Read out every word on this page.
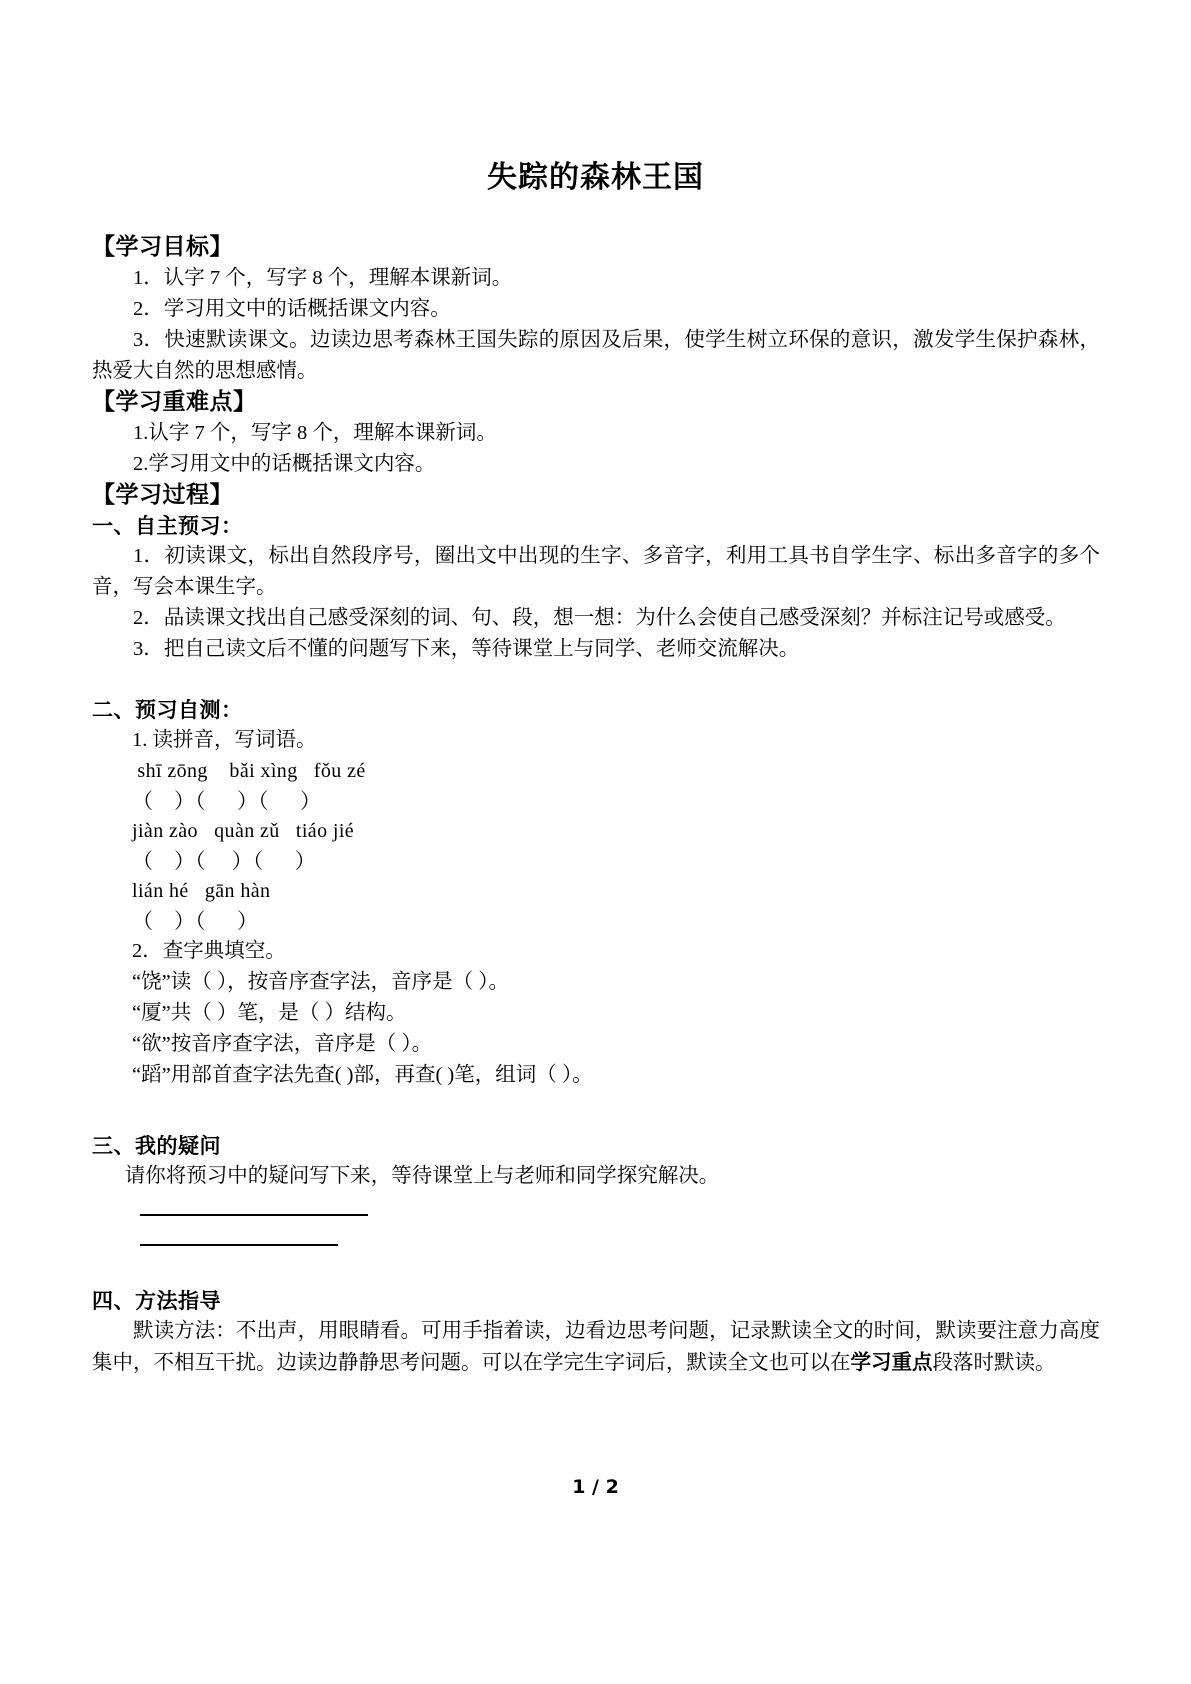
失踪的森林王国
【学习目标】

1．认字 7 个，写字 8 个，理解本课新词。

2．学习用文中的话概括课文内容。

3．快速默读课文。边读边思考森林王国失踪的原因及后果，使学生树立环保的意识，激发学生保护森林，热爱大自然的思想感情。

【学习重难点】

1.认字 7 个，写字 8 个，理解本课新词。

2.学习用文中的话概括课文内容。

【学习过程】
一、自主预习：

1．初读课文，标出自然段序号，圈出文中出现的生字、多音字，利用工具书自学生字、标出多音字的多个音，写会本课生字。

2．品读课文找出自己感受深刻的词、句、段，想一想：为什么会使自己感受深刻？并标注记号或感受。

3．把自己读文后不懂的问题写下来，等待课堂上与同学、老师交流解决。

二、预习自测：

1. 读拼音，写词语。

shī zōng    bǎi xìng   fǒu zé

（    ）（      ）（      ）

jiàn zào   quàn zǔ   tiáo jié

（    ）（     ）（      ）

lián hé   gān hàn

（    ）（      ）

2．查字典填空。

“饶”读（ ），按音序查字法，音序是（ ）。

“厦”共（ ）笔，是（ ）结构。

“欲”按音序查字法，音序是（ ）。

“蹈”用部首查字法先查( )部，再查( )笔，组词（ ）。

三、我的疑问

请你将预习中的疑问写下来，等待课堂上与老师和同学探究解决。

四、方法指导

默读方法：不出声，用眼睛看。可用手指着读，边看边思考问题，记录默读全文的时间，默读要注意力高度集中，不相互干扰。边读边静静思考问题。可以在学完生字词后，默读全文也可以在学习重点段落时默读。

1 / 2
